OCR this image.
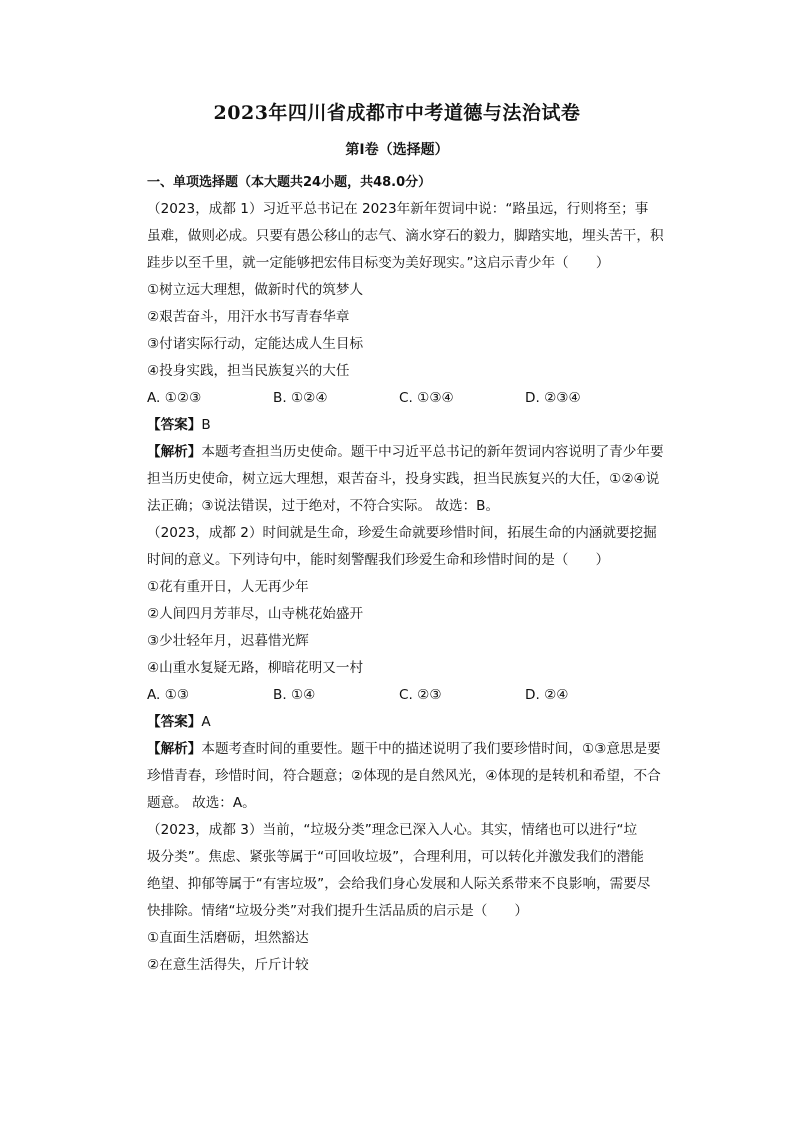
2023年四川省成都市中考道德与法治试卷
第Ⅰ卷（选择题）
一、单项选择题（本大题共24小题，共48.0分）
（2023，成都 1）习近平总书记在 2023年新年贺词中说：“路虽远，行则将至；事
虽难，做则必成。只要有愚公移山的志气、滴水穿石的毅力，脚踏实地，埋头苦干，积
跬步以至千里，就一定能够把宏伟目标变为美好现实。”这启示青少年（　　）
①树立远大理想，做新时代的筑梦人
②艰苦奋斗，用汗水书写青春华章
③付诸实际行动，定能达成人生目标
④投身实践，担当民族复兴的大任
A. ①②③	B. ①②④	C. ①③④	D. ②③④
【答案】B
【解析】本题考查担当历史使命。题干中习近平总书记的新年贺词内容说明了青少年要
担当历史使命，树立远大理想，艰苦奋斗，投身实践，担当民族复兴的大任，①②④说
法正确；③说法错误，过于绝对，不符合实际。 故选：B。
（2023，成都 2）时间就是生命，珍爱生命就要珍惜时间，拓展生命的内涵就要挖掘
时间的意义。下列诗句中，能时刻警醒我们珍爱生命和珍惜时间的是（　　）
①花有重开日，人无再少年
②人间四月芳菲尽，山寺桃花始盛开
③少壮轻年月，迟暮惜光辉
④山重水复疑无路，柳暗花明又一村
A. ①③	B. ①④	C. ②③	D. ②④
【答案】A
【解析】本题考查时间的重要性。题干中的描述说明了我们要珍惜时间，①③意思是要
珍惜青春，珍惜时间，符合题意；②体现的是自然风光，④体现的是转机和希望，不合
题意。 故选：A。
（2023，成都 3）当前，“垃圾分类”理念已深入人心。其实，情绪也可以进行“垃
圾分类”。焦虑、紧张等属于“可回收垃圾”，合理利用，可以转化并激发我们的潜能
绝望、抑郁等属于“有害垃圾”，会给我们身心发展和人际关系带来不良影响，需要尽
快排除。情绪“垃圾分类”对我们提升生活品质的启示是（　　）
①直面生活磨砺，坦然豁达
②在意生活得失，斤斤计较
